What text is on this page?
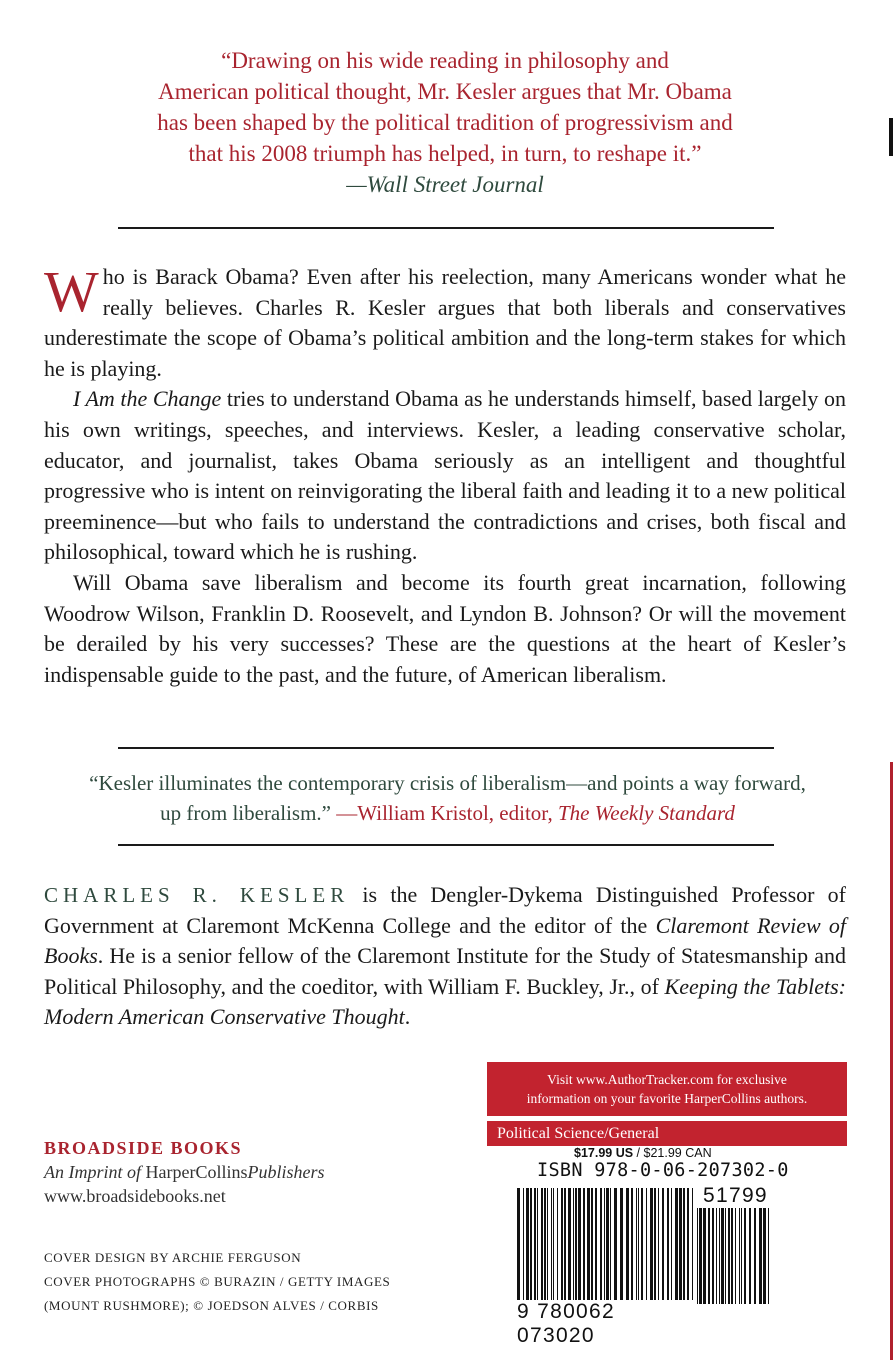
“Drawing on his wide reading in philosophy and
American political thought, Mr. Kesler argues that Mr. Obama
has been shaped by the political tradition of progressivism and
that his 2008 triumph has helped, in turn, to reshape it.”
—Wall Street Journal

Who is Barack Obama? Even after his reelection, many Americans wonder what he really believes. Charles R. Kesler argues that both liberals and conservatives underestimate the scope of Obama’s political ambition and the long-term stakes for which he is playing.

I Am the Change tries to understand Obama as he understands himself, based largely on his own writings, speeches, and interviews. Kesler, a leading conservative scholar, educator, and journalist, takes Obama seriously as an intelligent and thoughtful progressive who is intent on reinvigorating the liberal faith and leading it to a new political preeminence—but who fails to understand the contradictions and crises, both fiscal and philosophical, toward which he is rushing.

Will Obama save liberalism and become its fourth great incarnation, following Woodrow Wilson, Franklin D. Roosevelt, and Lyndon B. Johnson? Or will the movement be derailed by his very successes? These are the questions at the heart of Kesler’s indispensable guide to the past, and the future, of American liberalism.

“Kesler illuminates the contemporary crisis of liberalism—and points a way forward,
up from liberalism.” —William Kristol, editor, The Weekly Standard
CHARLES R. KESLER is the Dengler-Dykema Distinguished Professor of Government at Claremont McKenna College and the editor of the Claremont Review of Books. He is a senior fellow of the Claremont Institute for the Study of Statesmanship and Political Philosophy, and the coeditor, with William F. Buckley, Jr., of Keeping the Tablets: Modern American Conservative Thought.
Visit www.AuthorTracker.com for exclusive
information on your favorite HarperCollins authors.
Political Science/General
BROADSIDE BOOKS
An Imprint of HarperCollinsPublishers
www.broadsidebooks.net
COVER DESIGN BY ARCHIE FERGUSON
COVER PHOTOGRAPHS © BURAZIN / GETTY IMAGES
(MOUNT RUSHMORE); © JOEDSON ALVES / CORBIS
$17.99 US / $21.99 CAN
ISBN 978-0-06-207302-0
9 780062 073020
51799
